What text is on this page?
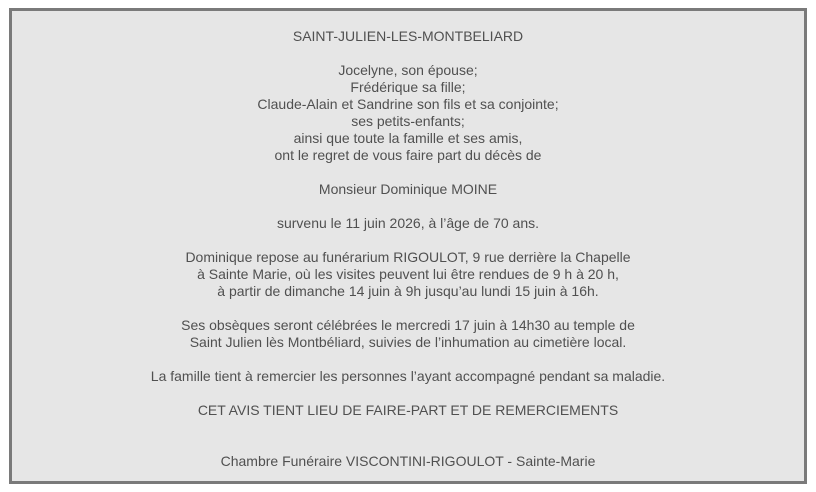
SAINT-JULIEN-LES-MONTBELIARD
Jocelyne, son épouse;
Frédérique sa fille;
Claude-Alain et Sandrine son fils et sa conjointe;
ses petits-enfants;
ainsi que toute la famille et ses amis,
ont le regret de vous faire part du décès de
Monsieur Dominique MOINE
survenu le 11 juin 2026, à l’âge de 70 ans.
Dominique repose au funérarium RIGOULOT, 9 rue derrière la Chapelle
à Sainte Marie, où les visites peuvent lui être rendues de 9 h à 20 h,
à partir de dimanche 14 juin à 9h jusqu’au lundi 15 juin à 16h.
Ses obsèques seront célébrées le mercredi 17 juin à 14h30 au temple de
Saint Julien lès Montbéliard, suivies de l’inhumation au cimetière local.
La famille tient à remercier les personnes l’ayant accompagné pendant sa maladie.
CET AVIS TIENT LIEU DE FAIRE-PART ET DE REMERCIEMENTS
Chambre Funéraire VISCONTINI-RIGOULOT - Sainte-Marie
